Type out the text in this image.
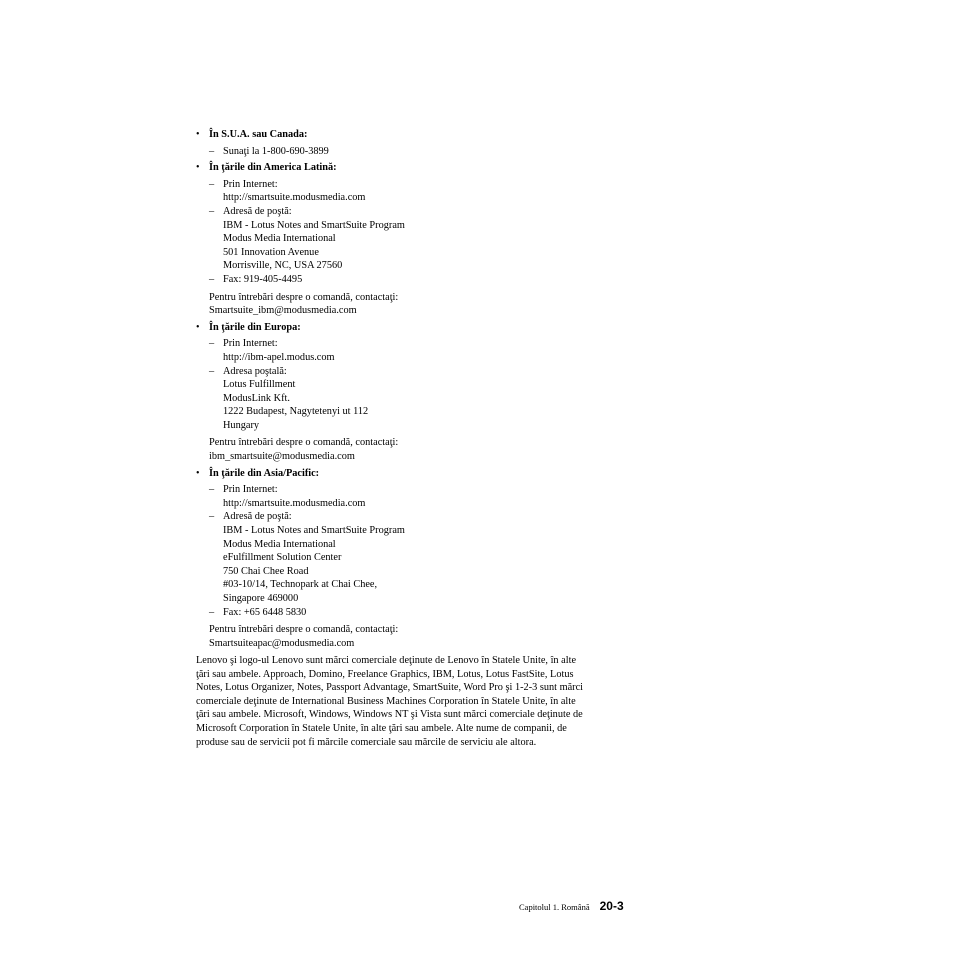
• În S.U.A. sau Canada:
– Sunaţi la 1-800-690-3899
• În ţările din America Latină:
– Prin Internet:
http://smartsuite.modusmedia.com
– Adresă de poştă:
IBM - Lotus Notes and SmartSuite Program
Modus Media International
501 Innovation Avenue
Morrisville, NC, USA 27560
– Fax: 919-405-4495
Pentru întrebări despre o comandă, contactaţi:
Smartsuite_ibm@modusmedia.com
• În ţările din Europa:
– Prin Internet:
http://ibm-apel.modus.com
– Adresa poştală:
Lotus Fulfillment
ModusLink Kft.
1222 Budapest, Nagytetenyi ut 112
Hungary
Pentru întrebări despre o comandă, contactaţi:
ibm_smartsuite@modusmedia.com
• În ţările din Asia/Pacific:
– Prin Internet:
http://smartsuite.modusmedia.com
– Adresă de poştă:
IBM - Lotus Notes and SmartSuite Program
Modus Media International
eFulfillment Solution Center
750 Chai Chee Road
#03-10/14, Technopark at Chai Chee,
Singapore 469000
– Fax: +65 6448 5830
Pentru întrebări despre o comandă, contactaţi:
Smartsuiteapac@modusmedia.com
Lenovo şi logo-ul Lenovo sunt mărci comerciale deţinute de Lenovo în Statele Unite, în alte
ţări sau ambele. Approach, Domino, Freelance Graphics, IBM, Lotus, Lotus FastSite, Lotus
Notes, Lotus Organizer, Notes, Passport Advantage, SmartSuite, Word Pro şi 1-2-3 sunt mărci
comerciale deţinute de International Business Machines Corporation în Statele Unite, în alte
ţări sau ambele. Microsoft, Windows, Windows NT şi Vista sunt mărci comerciale deţinute de
Microsoft Corporation în Statele Unite, în alte ţări sau ambele. Alte nume de companii, de
produse sau de servicii pot fi mărcile comerciale sau mărcile de serviciu ale altora.
Capitolul 1. Română 20-3
